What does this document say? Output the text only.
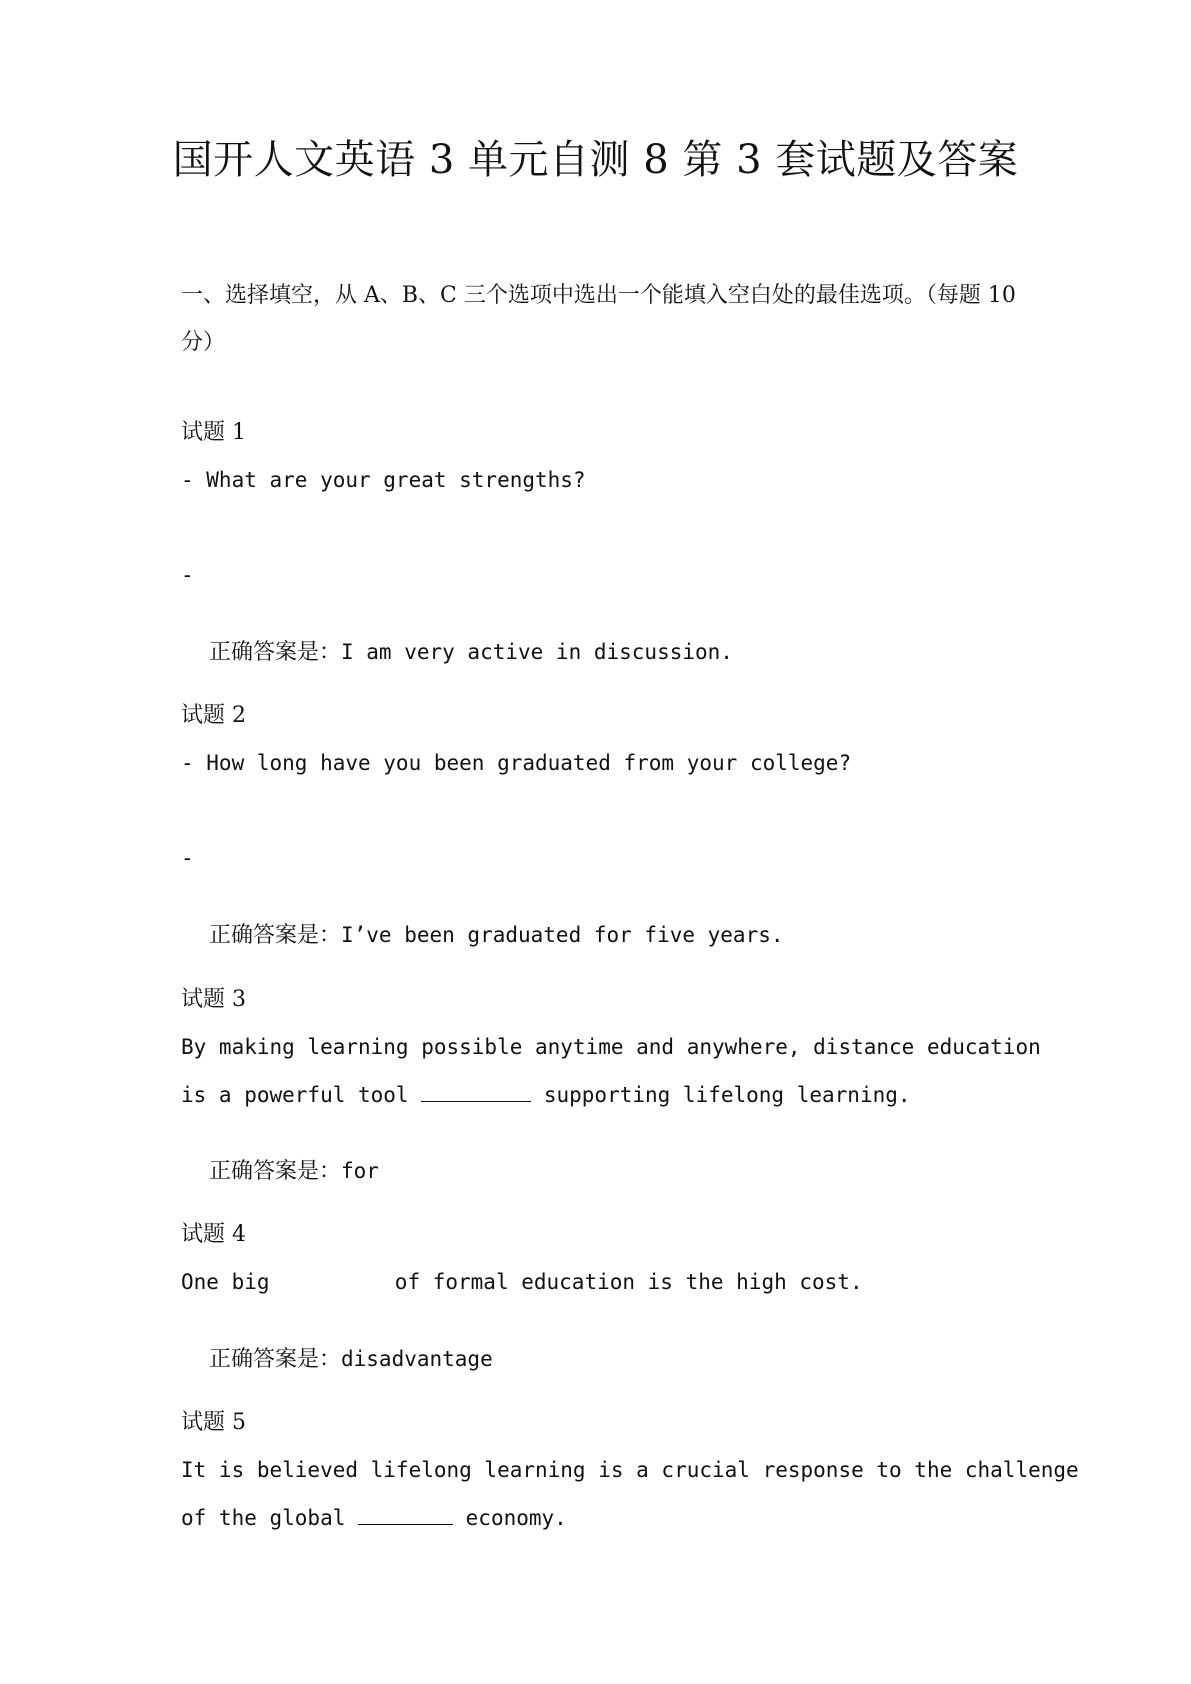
国开人文英语 3 单元自测 8 第 3 套试题及答案
一、选择填空，从 A、B、C 三个选项中选出一个能填入空白处的最佳选项。（每题 10 分）
试题 1
- What are your great strengths?
-

正确答案是：I am very active in discussion.

试题 2
- How long have you been graduated from your college?
-

正确答案是：I’ve been graduated for five years.

试题 3
By making learning possible anytime and anywhere, distance education
is a powerful tool	supporting lifelong learning.

正确答案是：for

试题 4
One big	of formal education is the high cost.

正确答案是：disadvantage

试题 5
It is believed lifelong learning is a crucial response to the challenge
of the global	economy.
